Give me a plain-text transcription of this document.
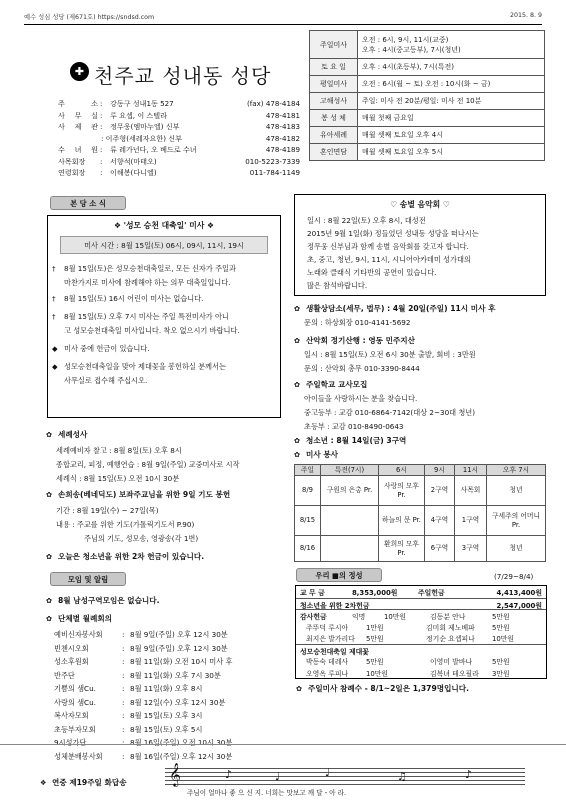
예수 성심 성당 (제671호) https://sndsd.com	2015. 8. 9
✚ 천주교 성내동 성당
주 소 : 강동구 성내1동 527	(fax) 478-4184
사 무 실 : 루 요셉, 이 스텔라	478-4181
사 제 관 : 정무웅(엠마누엘) 신부	478-4183
: 이주형(세레자요한) 신부	478-4182
수 녀 원 : 류 레가넌다, 오 베드로 수녀	478-4189
사목회장	: 서향석(마태오)	010-5223-7339
연령회장	: 이해봉(다니엘)	011-784-1149
주일미사	오전 : 6시, 9시, 11시(교중)
오후 : 4시(중고등부), 7시(청년)

토 요 일	오후 : 4시(초등부), 7시(특전)
평일미사	오전 : 6시(월 ~ 토) 오전 : 10시(화 ~ 금)
고해성사	주일: 미사 전 20분/평일: 미사 전 10분
봉 성 체	매월 첫째 금요일
유아세례	매월 셋째 토요일 오후 4시
혼인면담	매월 셋째 토요일 오후 5시
본 당 소 식
❖ '성모 승천 대축일' 미사 ❖
미사 시간 : 8월 15일(토) 06시, 09시, 11시, 19시
† 8월 15일(토)은 성모승천대축일로, 모든 신자가 주일과
마찬가지로 미사에 참례해야 하는 의무 대축일입니다.
† 8월 15일(토) 16시 어린이 미사는 없습니다.
† 8월 15일(토) 오후 7시 미사는 주일 특전미사가 아니
고 성모승천대축일 미사입니다. 착오 없으시기 바랍니다.
◆ 미사 중에 헌금이 있습니다.
◆ 성모승천대축일을 맞아 제대꽃을 봉헌하실 분께서는
사무실로 접수해 주십시오.
✿ 세례성사
세례예비자 찰고 : 8월 8일(토) 오후 8시
종합교리, 피정, 예행연습 : 8월 9일(주일) 교중미사로 시작
세례식 : 8월 15일(토) 오전 10시 30분
✿ 손희송(베네딕도) 보좌주교님을 위한 9일 기도 봉헌
기간 : 8월 19일(수) ~ 27일(목)
내용 : 주교를 위한 기도(가톨릭기도서 P.90)
주님의 기도, 성모송, 영광송(각 1번)
✿ 오늘은 청소년을 위한 2차 헌금이 있습니다.
모임 및 알림
✿ 8월 남성구역모임은 없습니다.
✿ 단체별 월례회의
예비신자봉사회	: 8월 9일(주일) 오후 12시 30분
빈첸시오회	: 8월 9일(주일) 오후 12시 30분
성소후원회	: 8월 11일(화) 오전 10시 미사 후
반주단	: 8월 11일(화) 오후 7시 30분
기쁨의 샘Cu.	: 8월 11일(화) 오후 8시
사랑의 샘Cu.	: 8월 12일(수) 오후 12시 30분
복사자모회	: 8월 15일(토) 오후 3시
초등부자모회	: 8월 15일(토) 오후 5시
9시성가단	: 8월 16일(주일) 오전 10시 30분
성체분배봉사회	: 8월 16일(주일) 오후 12시 30분
♡ 송별 음악회 ♡
일시 : 8월 22일(토) 오후 8시, 대성전
2015년 9월 1일(화) 정들었던 성내동 성당을 떠나시는
정무웅 신부님과 함께 송별 음악회를 갖고자 합니다.
초, 중고, 청년, 9시, 11시, 시니어아카데미 성가대의
노래와 클래식 기타반의 공연이 있습니다.
많은 참석바랍니다.
✿ 생활상담소(세무, 법무) : 4월 20일(주일) 11시 미사 후
문의 : 하상회장 010-4141-5692
✿ 산악회 정기산행 : 영동 민주지산
일시 : 8월 15일(토) 오전 6시 30분 출발, 회비 : 3만원
문의 : 산악회 총무 010-3390-8444
✿ 주일학교 교사모집
아이들을 사랑하시는 분을 찾습니다.
중고등부 : 교감 010-6864-7142(대상 2~30대 청년)
초등부 : 교감 010-8490-0643
✿ 청소년 : 8월 14일(금) 3구역
✿ 미사 봉사
주일	특전(7시)	6시	9시	11시	오후 7시
8/9	구원의 은총 Pr.	사랑의 모후 Pr.	2구역	사목회	청년
8/15		하늘의 문 Pr.	4구역	1구역	구세주의 어머니 Pr.
8/16		환희의 모후 Pr.	6구역	3구역	청년
우리 ■의 정성	(7/29~8/4)
교 무 금	8,353,000원	주일헌금	4,413,400원
청소년을 위한 2차헌금	2,547,000원
감사헌금	익명	10만원	김동분 안나	5만원
주뚜덕 루시아	1만원	김미회 제노베파 5만원
최지은 발가리다 5만원	정기순 요셉피나 10만원
성모승천대축일 제대꽃
박동숙 데레사	5만원	이영미 발바나	5만원
오영옥 루피나	10만원	김복녀 테오필라 3만원
✿ 주일미사 참례수 - 8/1~2일은 1,379명입니다.
❖ 연중 제19주일 화답송 𝄞	♪	♩	♩	♫	♪
주님이 얼마나 좋 으 신 지. 너희는 맛보고 깨 달 - 아 라.
